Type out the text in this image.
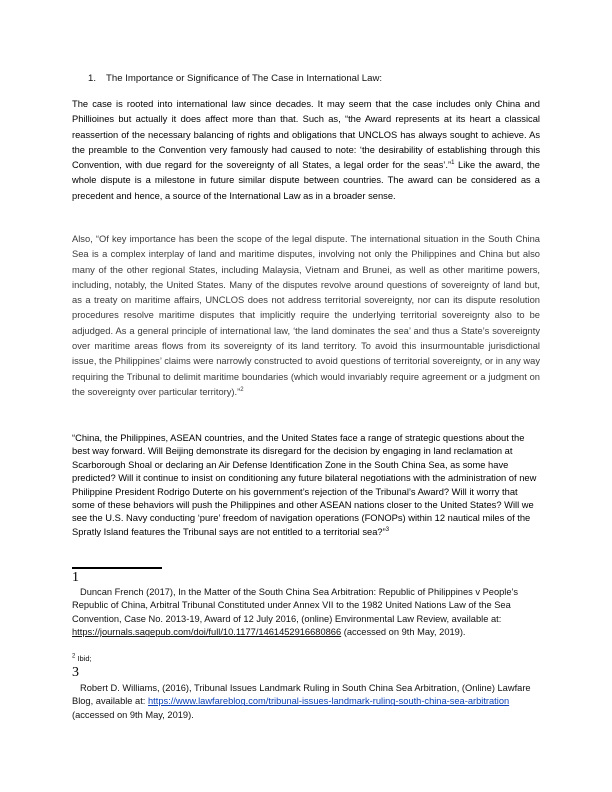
1. The Importance or Significance of The Case in International Law:

The case is rooted into international law since decades. It may seem that the case includes only China and Phillioines but actually it does affect more than that. Such as, “the Award represents at its heart a classical reassertion of the necessary balancing of rights and obligations that UNCLOS has always sought to achieve. As the preamble to the Convention very famously had caused to note: ‘the desirability of establishing through this Convention, with due regard for the sovereignty of all States, a legal order for the seas’.”$^1$ Like the award, the whole dispute is a milestone in future similar dispute between countries. The award can be considered as a precedent and hence, a source of the International Law as in a broader sense.

Also, “Of key importance has been the scope of the legal dispute. The international situation in the South China Sea is a complex interplay of land and maritime disputes, involving not only the Philippines and China but also many of the other regional States, including Malaysia, Vietnam and Brunei, as well as other maritime powers, including, notably, the United States. Many of the disputes revolve around questions of sovereignty of land but, as a treaty on maritime affairs, UNCLOS does not address territorial sovereignty, nor can its dispute resolution procedures resolve maritime disputes that implicitly require the underlying territorial sovereignty also to be adjudged. As a general principle of international law, ‘the land dominates the sea’ and thus a State’s sovereignty over maritime areas flows from its sovereignty of its land territory. To avoid this insurmountable jurisdictional issue, the Philippines’ claims were narrowly constructed to avoid questions of territorial sovereignty, or in any way requiring the Tribunal to delimit maritime boundaries (which would invariably require agreement or a judgment on the sovereignty over particular territory).”$^2$

“China, the Philippines, ASEAN countries, and the United States face a range of strategic questions about the best way forward. Will Beijing demonstrate its disregard for the decision by engaging in land reclamation at Scarborough Shoal or declaring an Air Defense Identification Zone in the South China Sea, as some have predicted? Will it continue to insist on conditioning any future bilateral negotiations with the administration of new Philippine President Rodrigo Duterte on his government’s rejection of the Tribunal’s Award? Will it worry that some of these behaviors will push the Philippines and other ASEAN nations closer to the United States? Will we see the U.S. Navy conducting ‘pure’ freedom of navigation operations (FONOPs) within 12 nautical miles of the Spratly Island features the Tribunal says are not entitled to a territorial sea?”$^3$

1

Duncan French (2017), In the Matter of the South China Sea Arbitration: Republic of Philippines v People’s Republic of China, Arbitral Tribunal Constituted under Annex VII to the 1982 United Nations Law of the Sea Convention, Case No. 2013-19, Award of 12 July 2016, (online) Environmental Law Review, available at: https://journals.sagepub.com/doi/full/10.1177/1461452916680866 (accessed on 9th May, 2019).

$^2$ Ibid;

3

Robert D. Williams, (2016), Tribunal Issues Landmark Ruling in South China Sea Arbitration, (Online) Lawfare Blog, available at: https://www.lawfareblog.com/tribunal-issues-landmark-ruling-south-china-sea-arbitration (accessed on 9th May, 2019).
